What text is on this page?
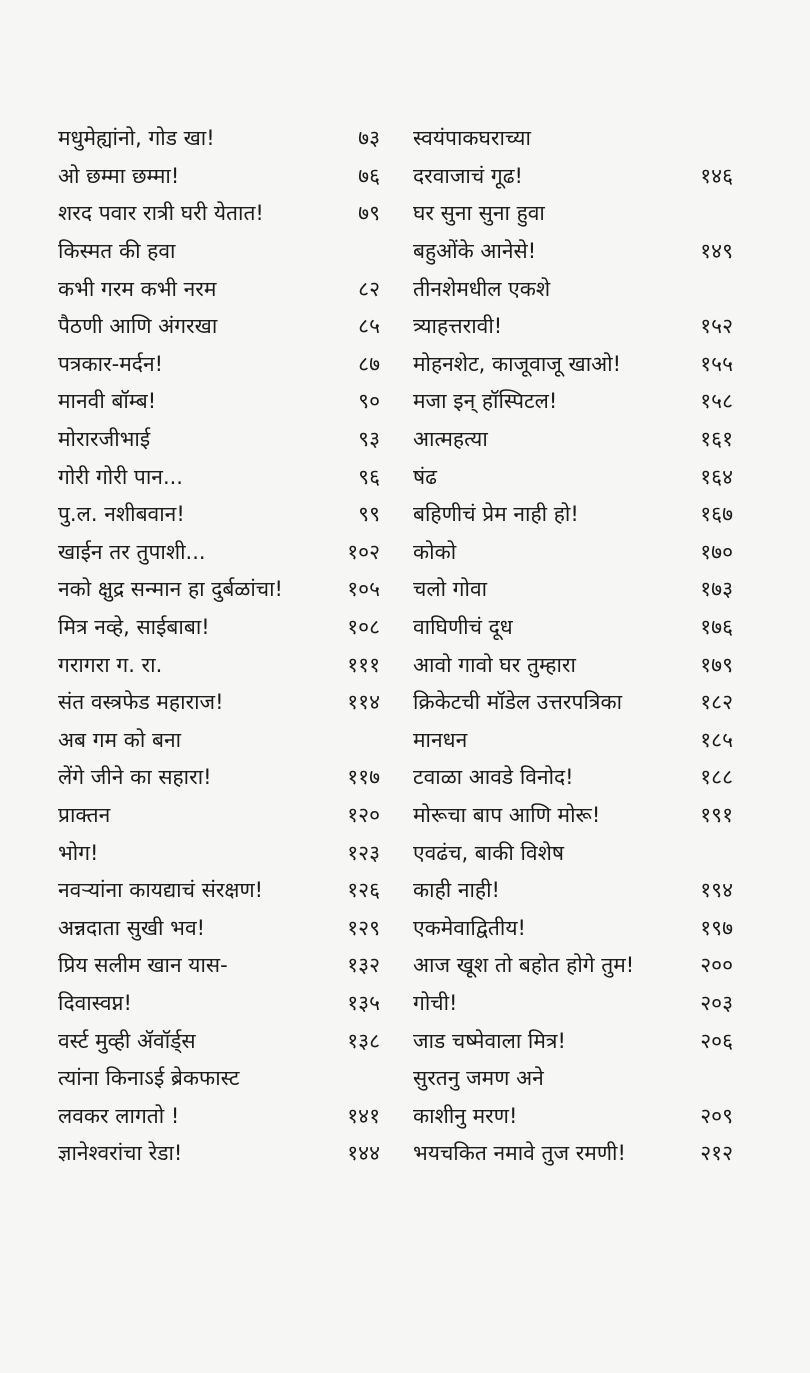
मधुमेह्यांनो, गोड खा!	७३
ओ छम्मा छम्मा!	७६
शरद पवार रात्री घरी येतात!	७९
किस्मत की हवा
कभी गरम कभी नरम	८२
पैठणी आणि अंगरखा	८५
पत्रकार-मर्दन!	८७
मानवी बॉम्ब!	९०
मोरारजीभाई	९३
गोरी गोरी पान...	९६
पु.ल. नशीबवान!	९९
खाईन तर तुपाशी...	१०२
नको क्षुद्र सन्मान हा दुर्बळांचा!	१०५
मित्र नव्हे, साईबाबा!	१०८
गरागरा ग. रा.	१११
संत वस्त्रफेड महाराज!	११४
अब गम को बना
लेंगे जीने का सहारा!	११७
प्राक्तन	१२०
भोग!	१२३
नवऱ्यांना कायद्याचं संरक्षण!	१२६
अन्नदाता सुखी भव!	१२९
प्रिय सलीम खान यास-	१३२
दिवास्वप्न!	१३५
वर्स्ट मुव्ही ॲवॉर्ड्स	१३८
त्यांना किनाऽई ब्रेकफास्ट
लवकर लागतो !	१४१
ज्ञानेश्वरांचा रेडा!	१४४
स्वयंपाकघराच्या
दरवाजाचं गूढ!	१४६
घर सुना सुना हुवा
बहुओंके आनेसे!	१४९
तीनशेमधील एकशे
त्र्याहत्तरावी!	१५२
मोहनशेट, काजूवाजू खाओ!	१५५
मजा इन् हॉस्पिटल!	१५८
आत्महत्या	१६१
षंढ	१६४
बहिणीचं प्रेम नाही हो!	१६७
कोको	१७०
चलो गोवा	१७३
वाघिणीचं दूध	१७६
आवो गावो घर तुम्हारा	१७९
क्रिकेटची मॉडेल उत्तरपत्रिका	१८२
मानधन	१८५
टवाळा आवडे विनोद!	१८८
मोरूचा बाप आणि मोरू!	१९१
एवढंच, बाकी विशेष
काही नाही!	१९४
एकमेवाद्वितीय!	१९७
आज खूश तो बहोत होगे तुम!	२००
गोची!	२०३
जाड चष्मेवाला मित्र!	२०६
सुरतनु जमण अने
काशीनु मरण!	२०९
भयचकित नमावे तुज रमणी!	२१२
